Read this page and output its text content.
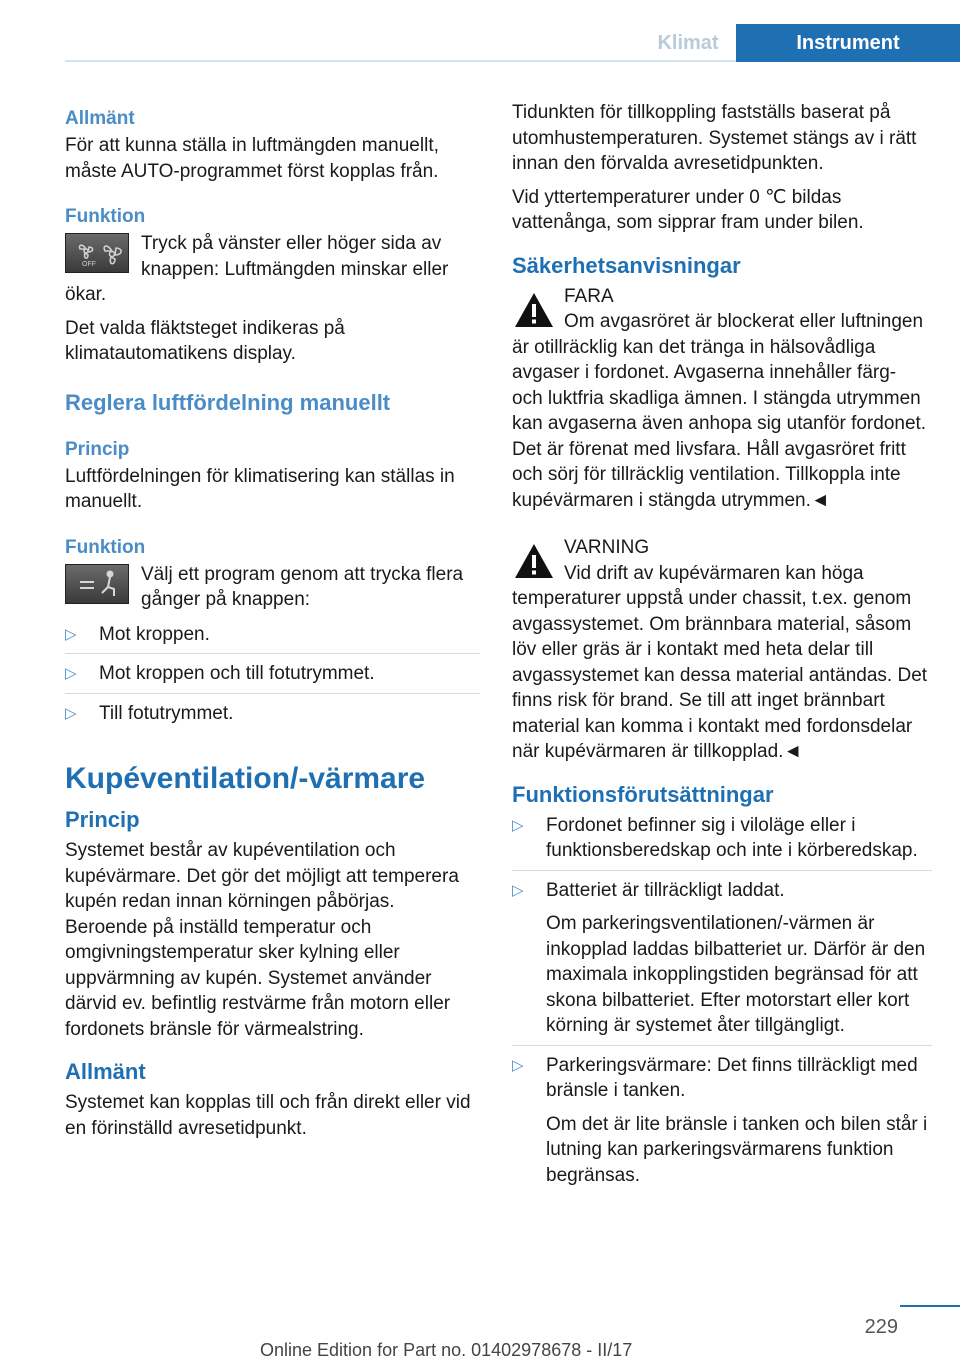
Klimat	Instrument
Allmänt

För att kunna ställa in luftmängden manuellt, måste AUTO-programmet först kopplas från.

Funktion
OFF

Tryck på vänster eller höger sida av knappen: Luftmängden minskar eller ökar.

Det valda fläktsteget indikeras på klimatautomatikens display.

Reglera luftfördelning manuellt
Princip

Luftfördelningen för klimatisering kan ställas in manuellt.

Funktion

Välj ett program genom att trycka flera gånger på knappen:

▷ Mot kroppen.
▷ Mot kroppen och till fotutrymmet.
▷ Till fotutrymmet.
Kupéventilation/-värmare
Princip

Systemet består av kupéventilation och kupévärmare. Det gör det möjligt att temperera kupén redan innan körningen påbörjas. Beroende på inställd temperatur och omgivningstemperatur sker kylning eller uppvärmning av kupén. Systemet använder därvid ev. befintlig restvärme från motorn eller fordonets bränsle för värmealstring.

Allmänt

Systemet kan kopplas till och från direkt eller vid en förinställd avresetidpunkt.

Tidunkten för tillkoppling fastställs baserat på utomhustemperaturen. Systemet stängs av i rätt innan den förvalda avresetidpunkten.

Vid yttertemperaturer under 0 ℃ bildas vattenånga, som sipprar fram under bilen.

Säkerhetsanvisningar

FARA

Om avgasröret är blockerat eller luftningen är otillräcklig kan det tränga in hälsovådliga avgaser i fordonet. Avgaserna innehåller färg- och luktfria skadliga ämnen. I stängda utrymmen kan avgaserna även anhopa sig utanför fordonet. Det är förenat med livsfara. Håll avgasröret fritt och sörj för tillräcklig ventilation. Tillkoppla inte kupévärmaren i stängda utrymmen.◄

VARNING

Vid drift av kupévärmaren kan höga temperaturer uppstå under chassit, t.ex. genom avgassystemet. Om brännbara material, såsom löv eller gräs är i kontakt med heta delar till avgassystemet kan dessa material antändas. Det finns risk för brand. Se till att inget brännbart material kan komma i kontakt med fordonsdelar när kupévärmaren är tillkopplad.◄

Funktionsförutsättningar
▷ Fordonet befinner sig i viloläge eller i funktionsberedskap och inte i körberedskap.
▷ Batteriet är tillräckligt laddat.
Om parkeringsventilationen/-värmen är inkopplad laddas bilbatteriet ur. Därför är den maximala inkopplingstiden begränsad för att skona bilbatteriet. Efter motorstart eller kort körning är systemet åter tillgängligt.
▷ Parkeringsvärmare: Det finns tillräckligt med bränsle i tanken.
Om det är lite bränsle i tanken och bilen står i lutning kan parkeringsvärmarens funktion begränsas.
229
Online Edition for Part no. 01402978678 - II/17
